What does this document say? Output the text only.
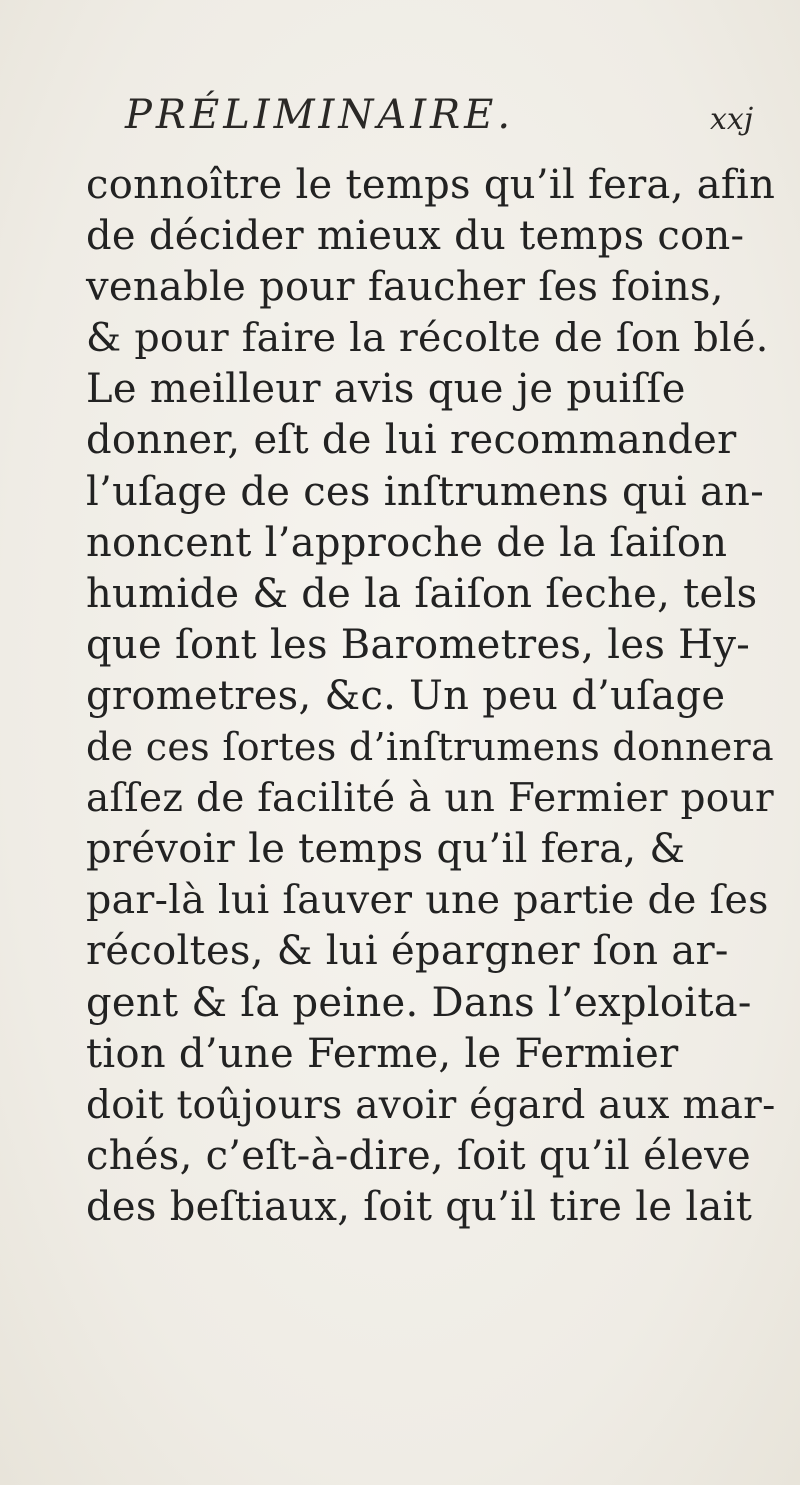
PRÉLIMINAIRE.	xxj
connoître le temps qu’il fera, afin
de décider mieux du temps con-
venable pour faucher ſes foins,
& pour faire la récolte de ſon blé.
Le meilleur avis que je puiſſe
donner, eſt de lui recommander
l’uſage de ces inſtrumens qui an-
noncent l’approche de la ſaiſon
humide & de la ſaiſon ſeche, tels
que ſont les Barometres, les Hy-
grometres, &c. Un peu d’uſage
de ces ſortes d’inſtrumens donnera
aſſez de facilité à un Fermier pour
prévoir le temps qu’il fera, &
par-là lui ſauver une partie de ſes
récoltes, & lui épargner ſon ar-
gent & ſa peine. Dans l’exploita-
tion d’une Ferme, le Fermier
doit toûjours avoir égard aux mar-
chés, c’eſt-à-dire, ſoit qu’il éleve
des beſtiaux, ſoit qu’il tire le lait
